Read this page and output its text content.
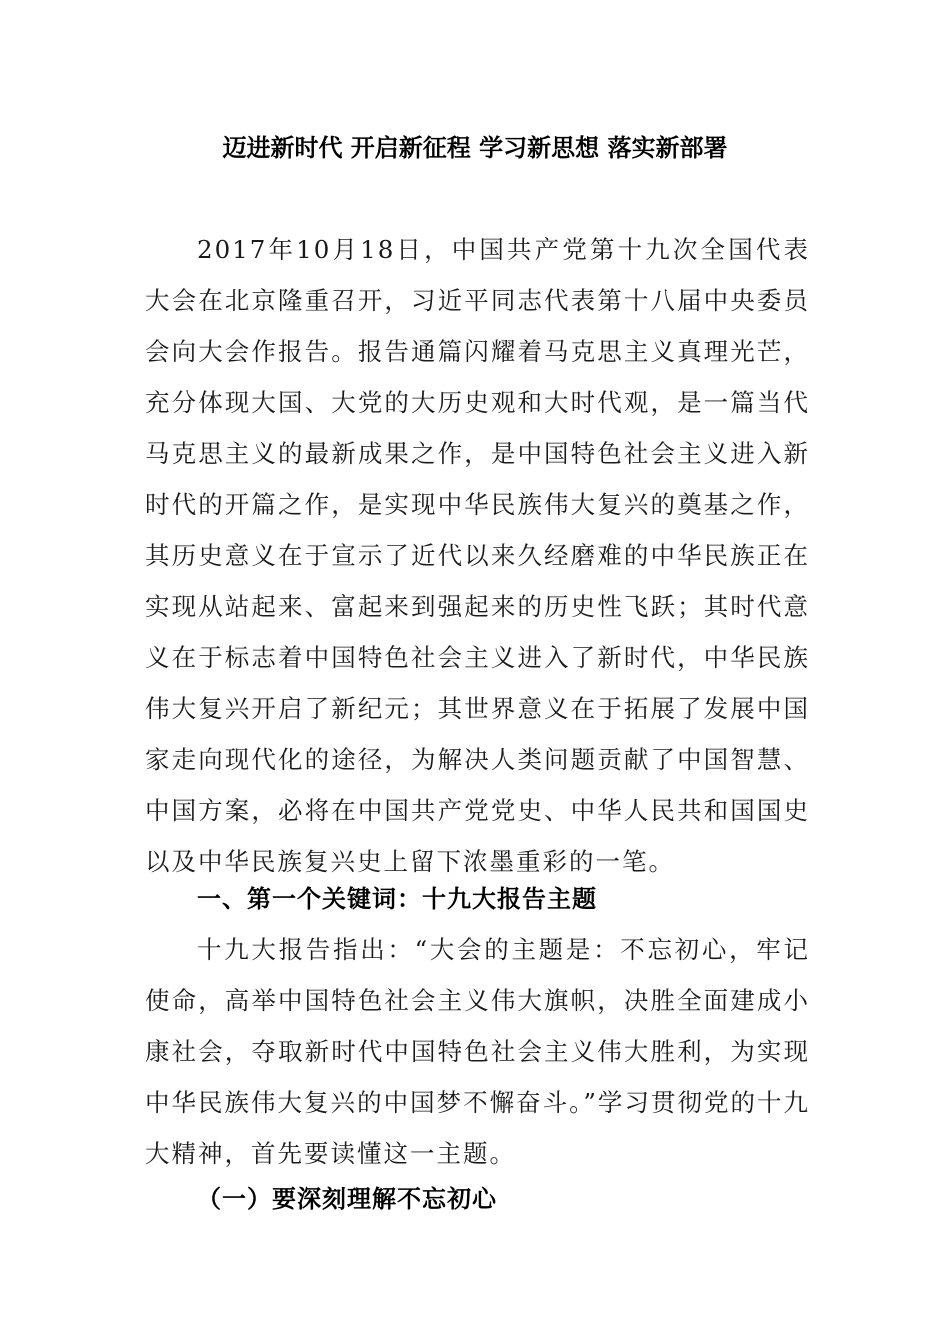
迈进新时代 开启新征程 学习新思想 落实新部署

2017年10月18日，中国共产党第十九次全国代表大会在北京隆重召开，习近平同志代表第十八届中央委员会向大会作报告。报告通篇闪耀着马克思主义真理光芒，充分体现大国、大党的大历史观和大时代观，是一篇当代马克思主义的最新成果之作，是中国特色社会主义进入新时代的开篇之作，是实现中华民族伟大复兴的奠基之作，其历史意义在于宣示了近代以来久经磨难的中华民族正在实现从站起来、富起来到强起来的历史性飞跃；其时代意义在于标志着中国特色社会主义进入了新时代，中华民族伟大复兴开启了新纪元；其世界意义在于拓展了发展中国家走向现代化的途径，为解决人类问题贡献了中国智慧、中国方案，必将在中国共产党党史、中华人民共和国国史以及中华民族复兴史上留下浓墨重彩的一笔。

一、第一个关键词：十九大报告主题

十九大报告指出：“大会的主题是：不忘初心，牢记使命，高举中国特色社会主义伟大旗帜，决胜全面建成小康社会，夺取新时代中国特色社会主义伟大胜利，为实现中华民族伟大复兴的中国梦不懈奋斗。”学习贯彻党的十九大精神，首先要读懂这一主题。

（一）要深刻理解不忘初心
